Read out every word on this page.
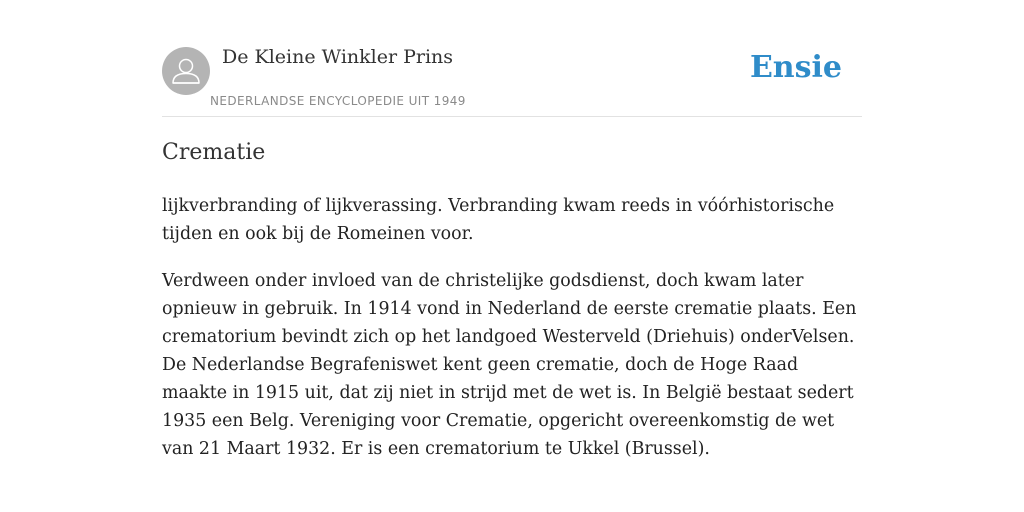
De Kleine Winkler Prins
NEDERLANDSE ENCYCLOPEDIE UIT 1949
Ensie
Crematie

lijkverbranding of lijkverassing. Verbranding kwam reeds in vóórhistorische tijden en ook bij de Romeinen voor.

Verdween onder invloed van de christelijke godsdienst, doch kwam later opnieuw in gebruik. In 1914 vond in Nederland de eerste crematie plaats. Een crematorium bevindt zich op het landgoed Westerveld (Driehuis) onderVelsen. De Nederlandse Begrafeniswet kent geen crematie, doch de Hoge Raad maakte in 1915 uit, dat zij niet in strijd met de wet is. In België bestaat sedert 1935 een Belg. Vereniging voor Crematie, opgericht overeenkomstig de wet van 21 Maart 1932. Er is een crematorium te Ukkel (Brussel).
